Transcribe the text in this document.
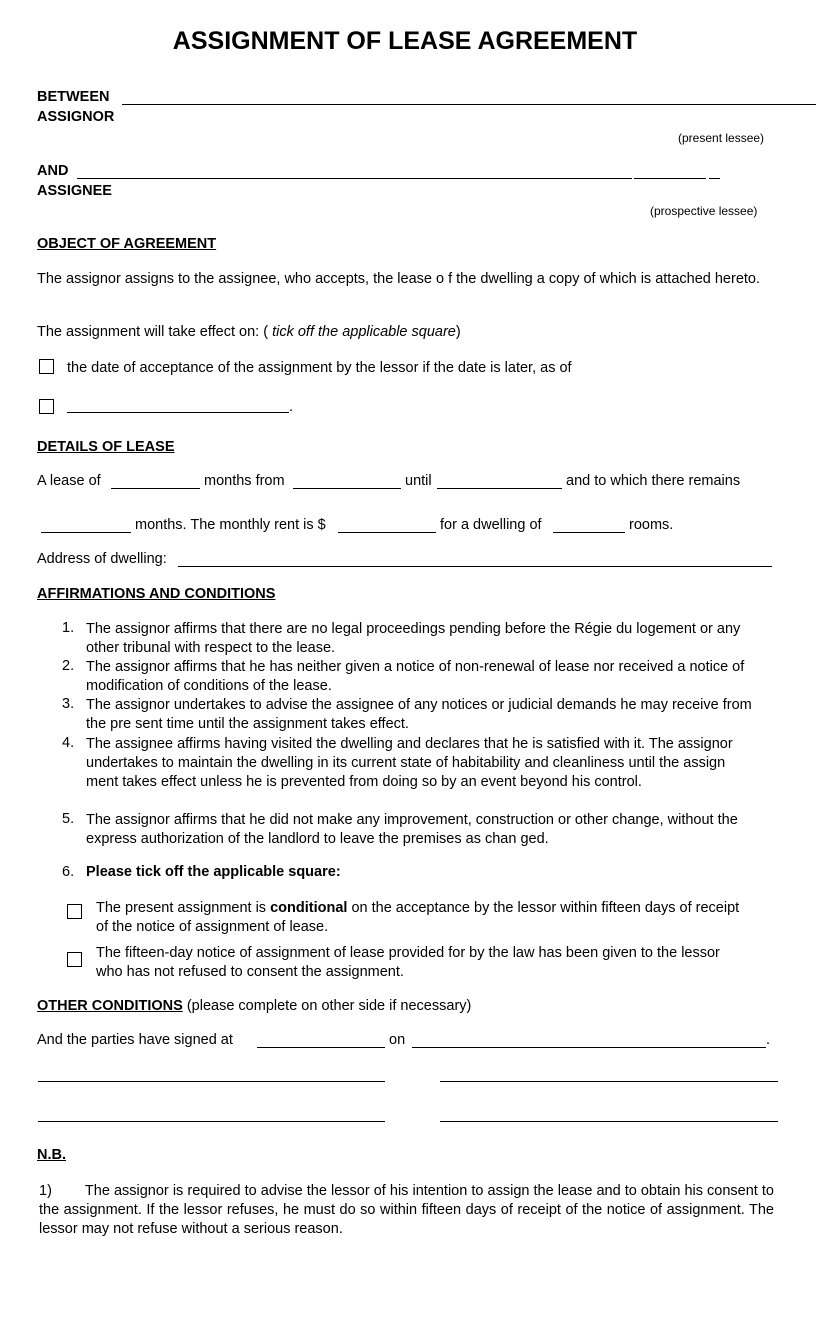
ASSIGNMENT OF LEASE AGREEMENT
BETWEEN
ASSIGNOR
(present lessee)
AND
ASSIGNEE
(prospective lessee)
OBJECT OF AGREEMENT
The assignor assigns to the assignee, who accepts, the lease o f the dwelling a copy of which is attached hereto.
The assignment will take effect on: ( tick off the applicable square)
the date of acceptance of the assignment by the lessor if the date is later, as of
.
DETAILS OF LEASE
A lease of	months from	until	and to which there remains
months. The monthly rent is $	for a dwelling of	rooms.
Address of dwelling:
AFFIRMATIONS AND CONDITIONS
1. The assignor affirms that there are no legal proceedings pending before the Régie du logement or any other tribunal with respect to the lease.
2. The assignor affirms that he has neither given a notice of non-renewal of lease nor received a notice of modification of conditions of the lease.
3. The assignor undertakes to advise the assignee of any notices or judicial demands he may receive from the pre sent time until the assignment takes effect.
4. The assignee affirms having visited the dwelling and declares that he is satisfied with it. The assignor undertakes to maintain the dwelling in its current state of habitability and cleanliness until the assign ment takes effect unless he is prevented from doing so by an event beyond his control.
5. The assignor affirms that he did not make any improvement, construction or other change, without the express authorization of the landlord to leave the premises as chan ged.
6. Please tick off the applicable square:
The present assignment is conditional on the acceptance by the lessor within fifteen days of receipt of the notice of assignment of lease.
The fifteen-day notice of assignment of lease provided for by the law has been given to the lessor who has not refused to consent the assignment.
OTHER CONDITIONS (please complete on other side if necessary)
And the parties have signed at	on	.
N.B.
1) The assignor is required to advise the lessor of his intention to assign the lease and to obtain his consent to the assignment. If the lessor refuses, he must do so within fifteen days of receipt of the notice of assignment. The lessor may not refuse without a serious reason.
